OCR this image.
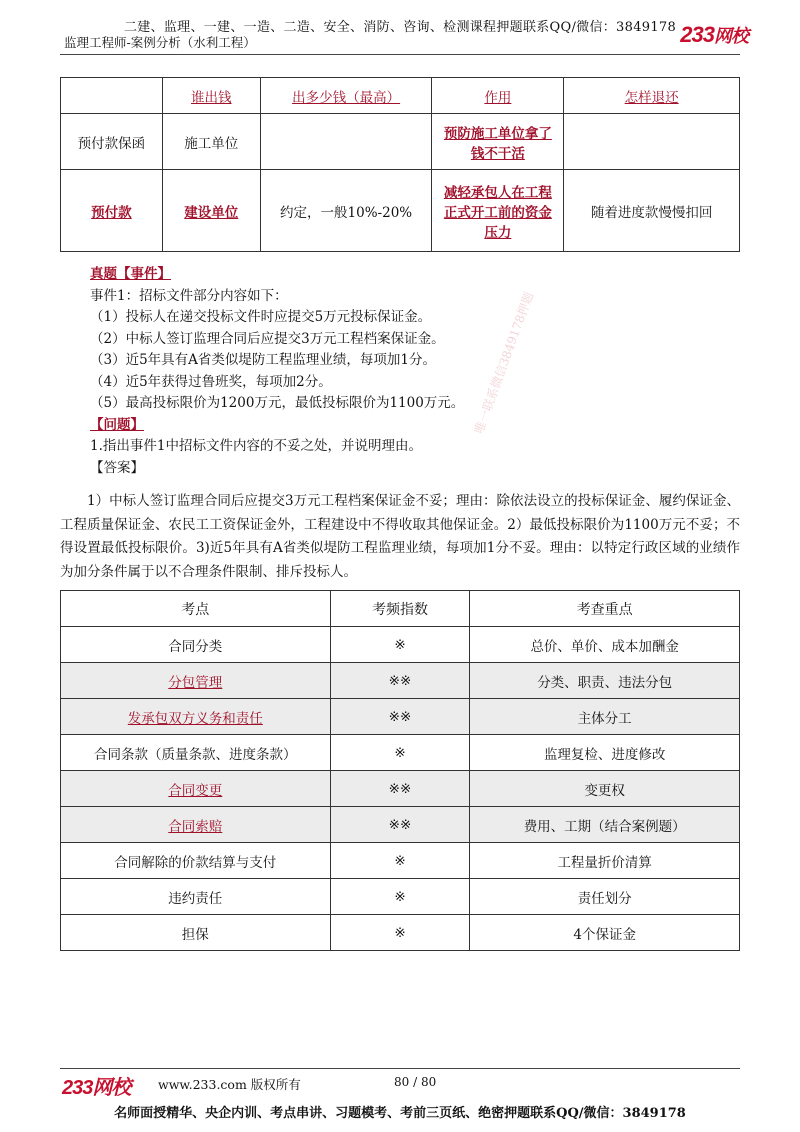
二建、监理、一建、一造、二造、安全、消防、咨询、检测课程押题联系QQ/微信：3849178
监理工程师-案例分析（水利工程）	233网校
	谁出钱	出多少钱（最高）	作用	怎样退还
预付款保函	施工单位		预防施工单位拿了钱不干活	
预付款	建设单位	约定，一般10%-20%	减轻承包人在工程正式开工前的资金压力	随着进度款慢慢扣回
真题【事件】
事件1：招标文件部分内容如下：
（1）投标人在递交投标文件时应提交5万元投标保证金。
（2）中标人签订监理合同后应提交3万元工程档案保证金。
（3）近5年具有A省类似堤防工程监理业绩，每项加1分。
（4）近5年获得过鲁班奖，每项加2分。
（5）最高投标限价为1200万元，最低投标限价为1100万元。
【问题】
1.指出事件1中招标文件内容的不妥之处，并说明理由。
【答案】
1）中标人签订监理合同后应提交3万元工程档案保证金不妥；理由：除依法设立的投标保证金、履约保证金、工程质量保证金、农民工工资保证金外，工程建设中不得收取其他保证金。2）最低投标限价为1100万元不妥；不得设置最低投标限价。3)近5年具有A省类似堤防工程监理业绩，每项加1分不妥。理由：以特定行政区域的业绩作为加分条件属于以不合理条件限制、排斥投标人。
考点	考频指数	考查重点
合同分类	※	总价、单价、成本加酬金
分包管理	※※	分类、职责、违法分包
发承包双方义务和责任	※※	主体分工
合同条款（质量条款、进度条款）	※	监理复检、进度修改
合同变更	※※	变更权
合同索赔	※※	费用、工期（结合案例题）
合同解除的价款结算与支付	※	工程量折价清算
违约责任	※	责任划分
担保	※	4个保证金
唯一联系微信3849178押题
233网校 www.233.com 版权所有	80 / 80
名师面授精华、央企内训、考点串讲、习题模考、考前三页纸、绝密押题联系QQ/微信：3849178
